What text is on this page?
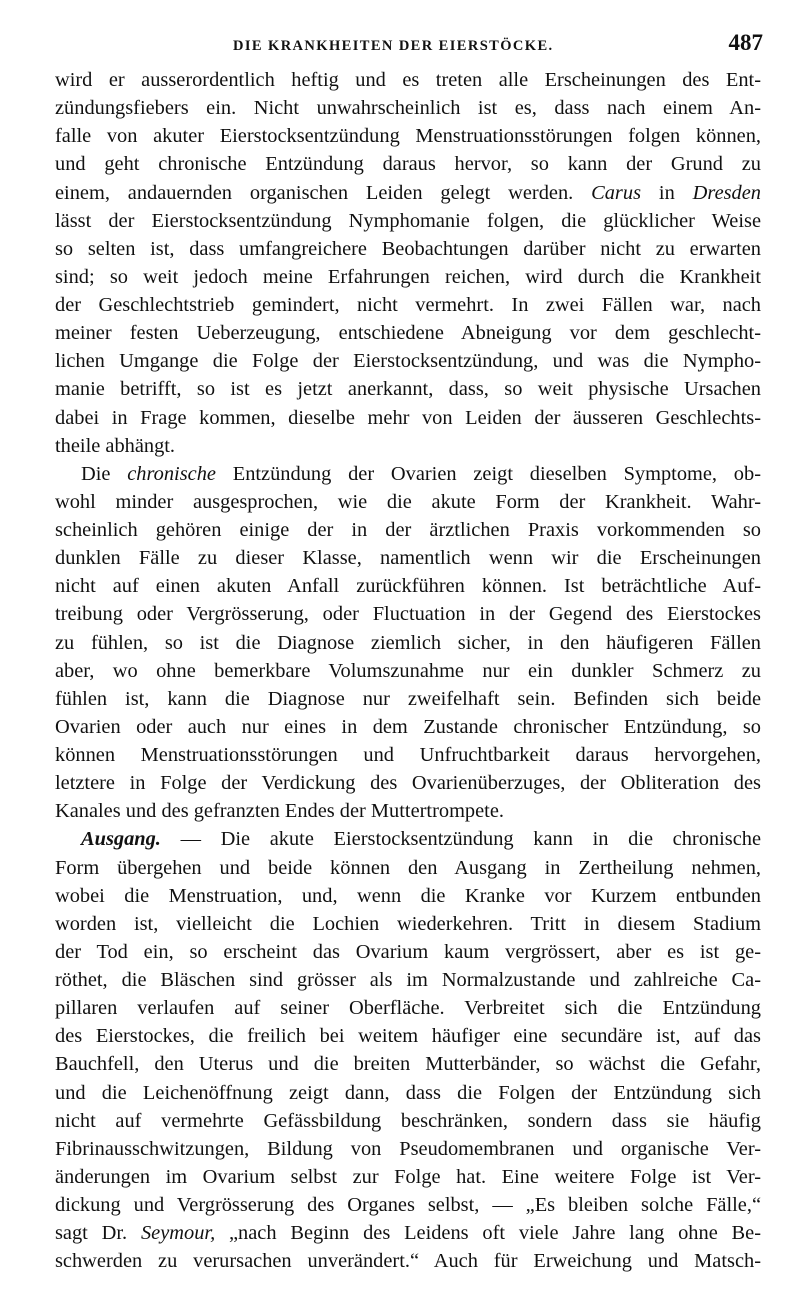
DIE KRANKHEITEN DER EIERSTÖCKE.	487
wird er ausserordentlich heftig und es treten alle Erscheinungen des Ent-
zündungsfiebers ein. Nicht unwahrscheinlich ist es, dass nach einem An-
falle von akuter Eierstocksentzündung Menstruationsstörungen folgen können,
und geht chronische Entzündung daraus hervor, so kann der Grund zu
einem, andauernden organischen Leiden gelegt werden. Carus in Dresden
lässt der Eierstocksentzündung Nymphomanie folgen, die glücklicher Weise
so selten ist, dass umfangreichere Beobachtungen darüber nicht zu erwarten
sind; so weit jedoch meine Erfahrungen reichen, wird durch die Krankheit
der Geschlechtstrieb gemindert, nicht vermehrt. In zwei Fällen war, nach
meiner festen Ueberzeugung, entschiedene Abneigung vor dem geschlecht-
lichen Umgange die Folge der Eierstocksentzündung, und was die Nympho-
manie betrifft, so ist es jetzt anerkannt, dass, so weit physische Ursachen
dabei in Frage kommen, dieselbe mehr von Leiden der äusseren Geschlechts-
theile abhängt.
Die chronische Entzündung der Ovarien zeigt dieselben Symptome, ob-
wohl minder ausgesprochen, wie die akute Form der Krankheit. Wahr-
scheinlich gehören einige der in der ärztlichen Praxis vorkommenden so
dunklen Fälle zu dieser Klasse, namentlich wenn wir die Erscheinungen
nicht auf einen akuten Anfall zurückführen können. Ist beträchtliche Auf-
treibung oder Vergrösserung, oder Fluctuation in der Gegend des Eierstockes
zu fühlen, so ist die Diagnose ziemlich sicher, in den häufigeren Fällen
aber, wo ohne bemerkbare Volumszunahme nur ein dunkler Schmerz zu
fühlen ist, kann die Diagnose nur zweifelhaft sein. Befinden sich beide
Ovarien oder auch nur eines in dem Zustande chronischer Entzündung, so
können Menstruationsstörungen und Unfruchtbarkeit daraus hervorgehen,
letztere in Folge der Verdickung des Ovarienüberzuges, der Obliteration des
Kanales und des gefranzten Endes der Muttertrompete.
Ausgang. — Die akute Eierstocksentzündung kann in die chronische
Form übergehen und beide können den Ausgang in Zertheilung nehmen,
wobei die Menstruation, und, wenn die Kranke vor Kurzem entbunden
worden ist, vielleicht die Lochien wiederkehren. Tritt in diesem Stadium
der Tod ein, so erscheint das Ovarium kaum vergrössert, aber es ist ge-
röthet, die Bläschen sind grösser als im Normalzustande und zahlreiche Ca-
pillaren verlaufen auf seiner Oberfläche. Verbreitet sich die Entzündung
des Eierstockes, die freilich bei weitem häufiger eine secundäre ist, auf das
Bauchfell, den Uterus und die breiten Mutterbänder, so wächst die Gefahr,
und die Leichenöffnung zeigt dann, dass die Folgen der Entzündung sich
nicht auf vermehrte Gefässbildung beschränken, sondern dass sie häufig
Fibrinausschwitzungen, Bildung von Pseudomembranen und organische Ver-
änderungen im Ovarium selbst zur Folge hat. Eine weitere Folge ist Ver-
dickung und Vergrösserung des Organes selbst, — „Es bleiben solche Fälle,“
sagt Dr. Seymour, „nach Beginn des Leidens oft viele Jahre lang ohne Be-
schwerden zu verursachen unverändert.“ Auch für Erweichung und Matsch-
